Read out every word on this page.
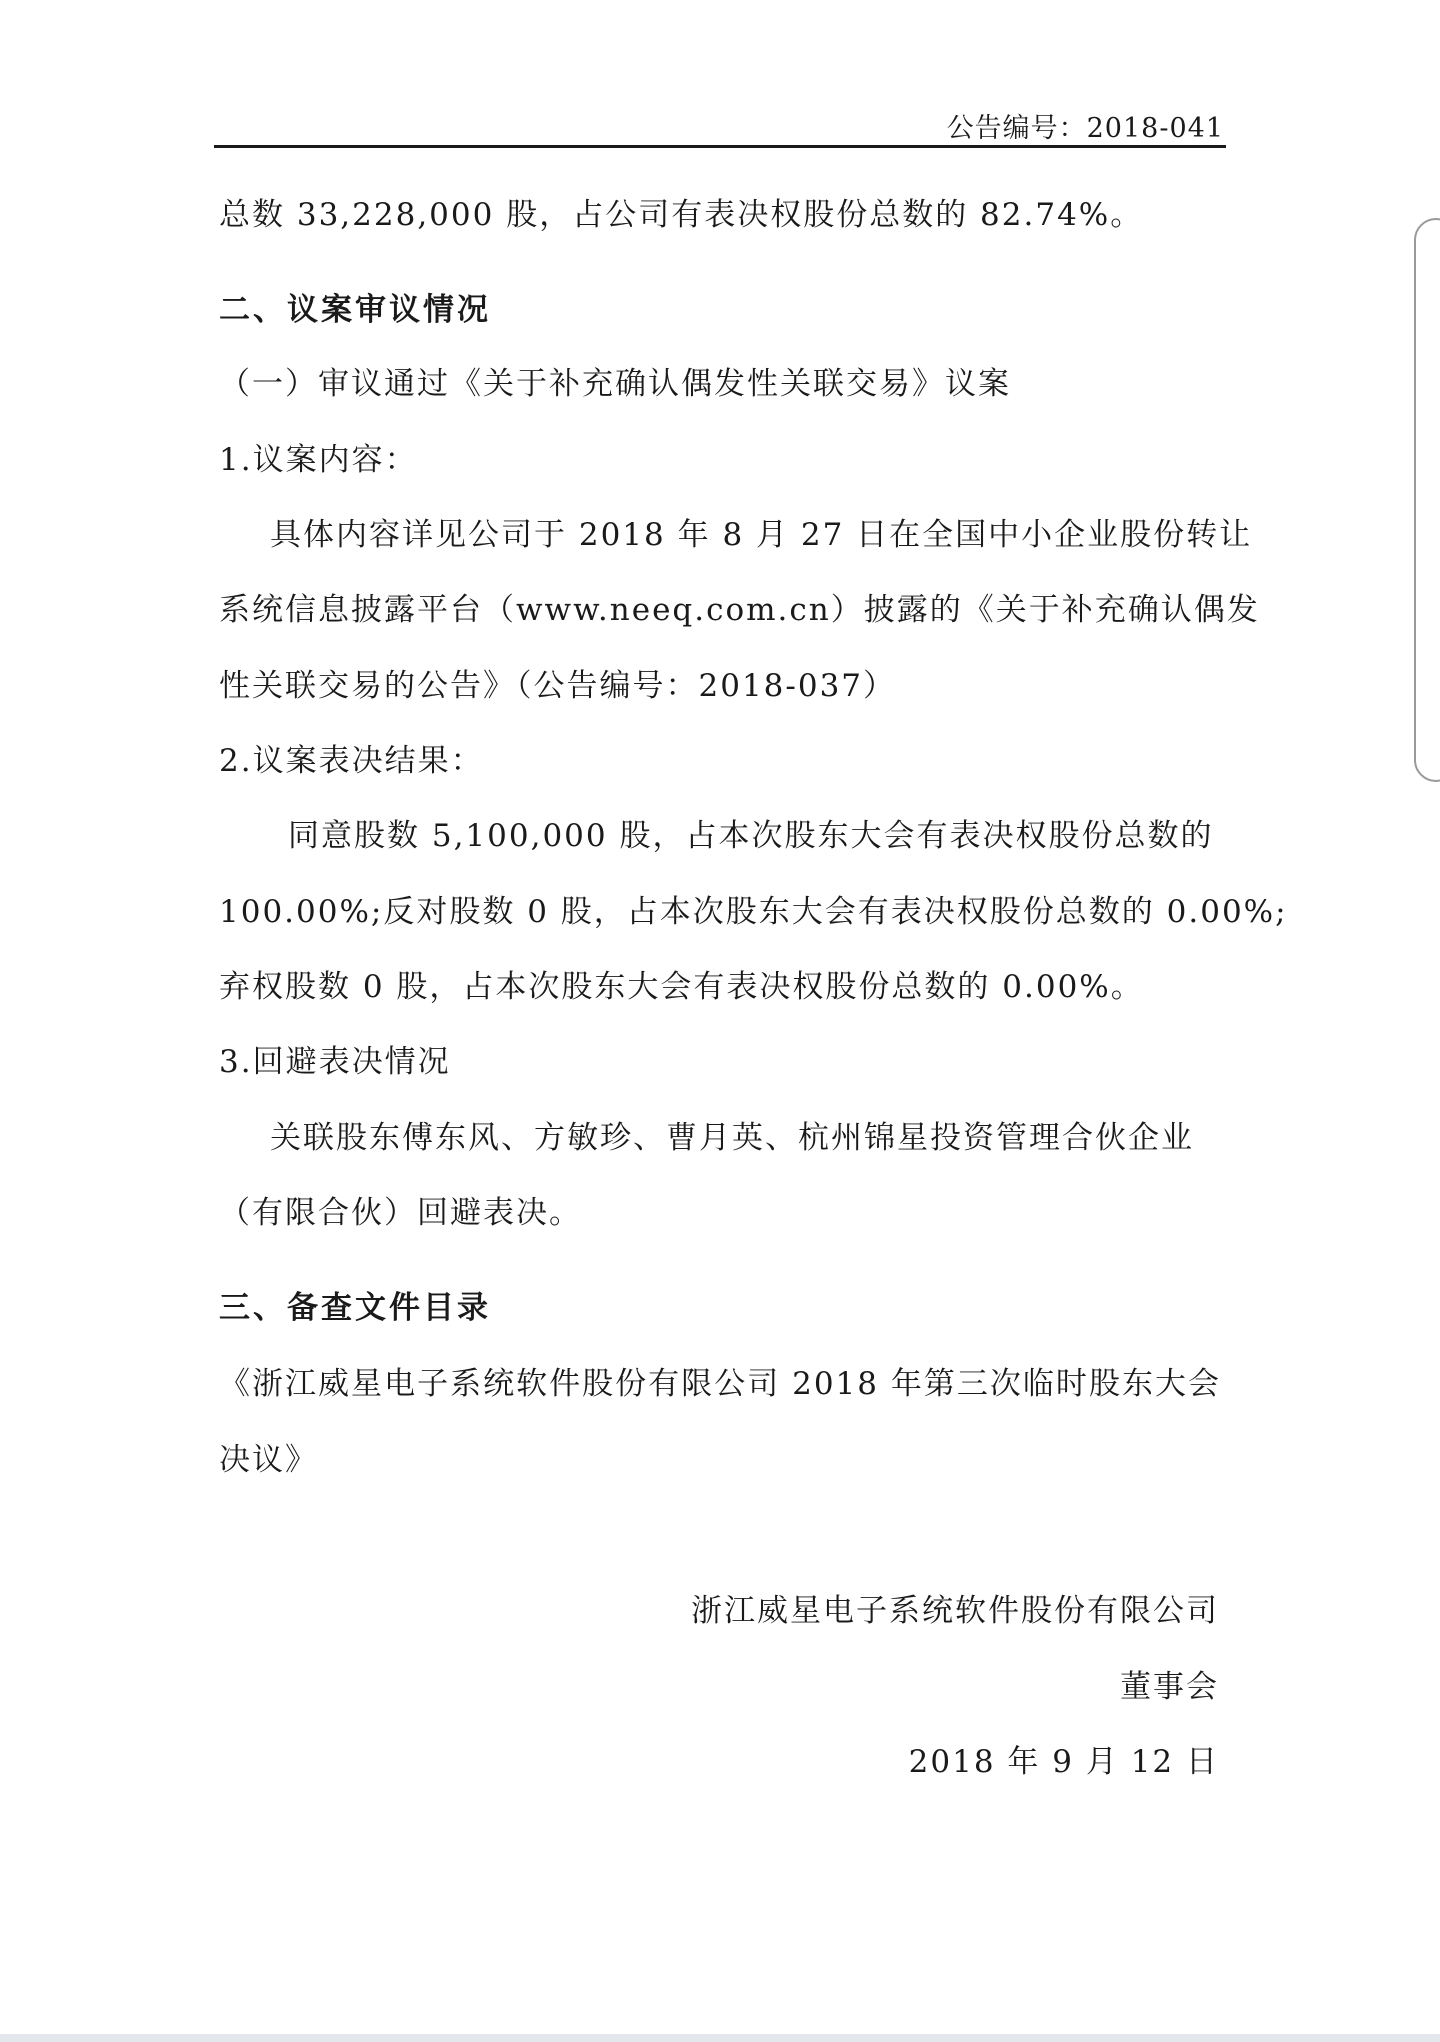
公告编号：2018-041
总数 33,228,000 股，占公司有表决权股份总数的 82.74%。
二、议案审议情况
（一）审议通过《关于补充确认偶发性关联交易》议案
1.议案内容：
具体内容详见公司于 2018 年 8 月 27 日在全国中小企业股份转让
系统信息披露平台（www.neeq.com.cn）披露的《关于补充确认偶发
性关联交易的公告》（公告编号：2018-037）
2.议案表决结果：
同意股数 5,100,000 股，占本次股东大会有表决权股份总数的
100.00%;反对股数 0 股，占本次股东大会有表决权股份总数的 0.00%;
弃权股数 0 股，占本次股东大会有表决权股份总数的 0.00%。
3.回避表决情况
关联股东傅东风、方敏珍、曹月英、杭州锦星投资管理合伙企业
（有限合伙）回避表决。
三、备查文件目录
《浙江威星电子系统软件股份有限公司 2018 年第三次临时股东大会
决议》
浙江威星电子系统软件股份有限公司
董事会
2018 年 9 月 12 日
